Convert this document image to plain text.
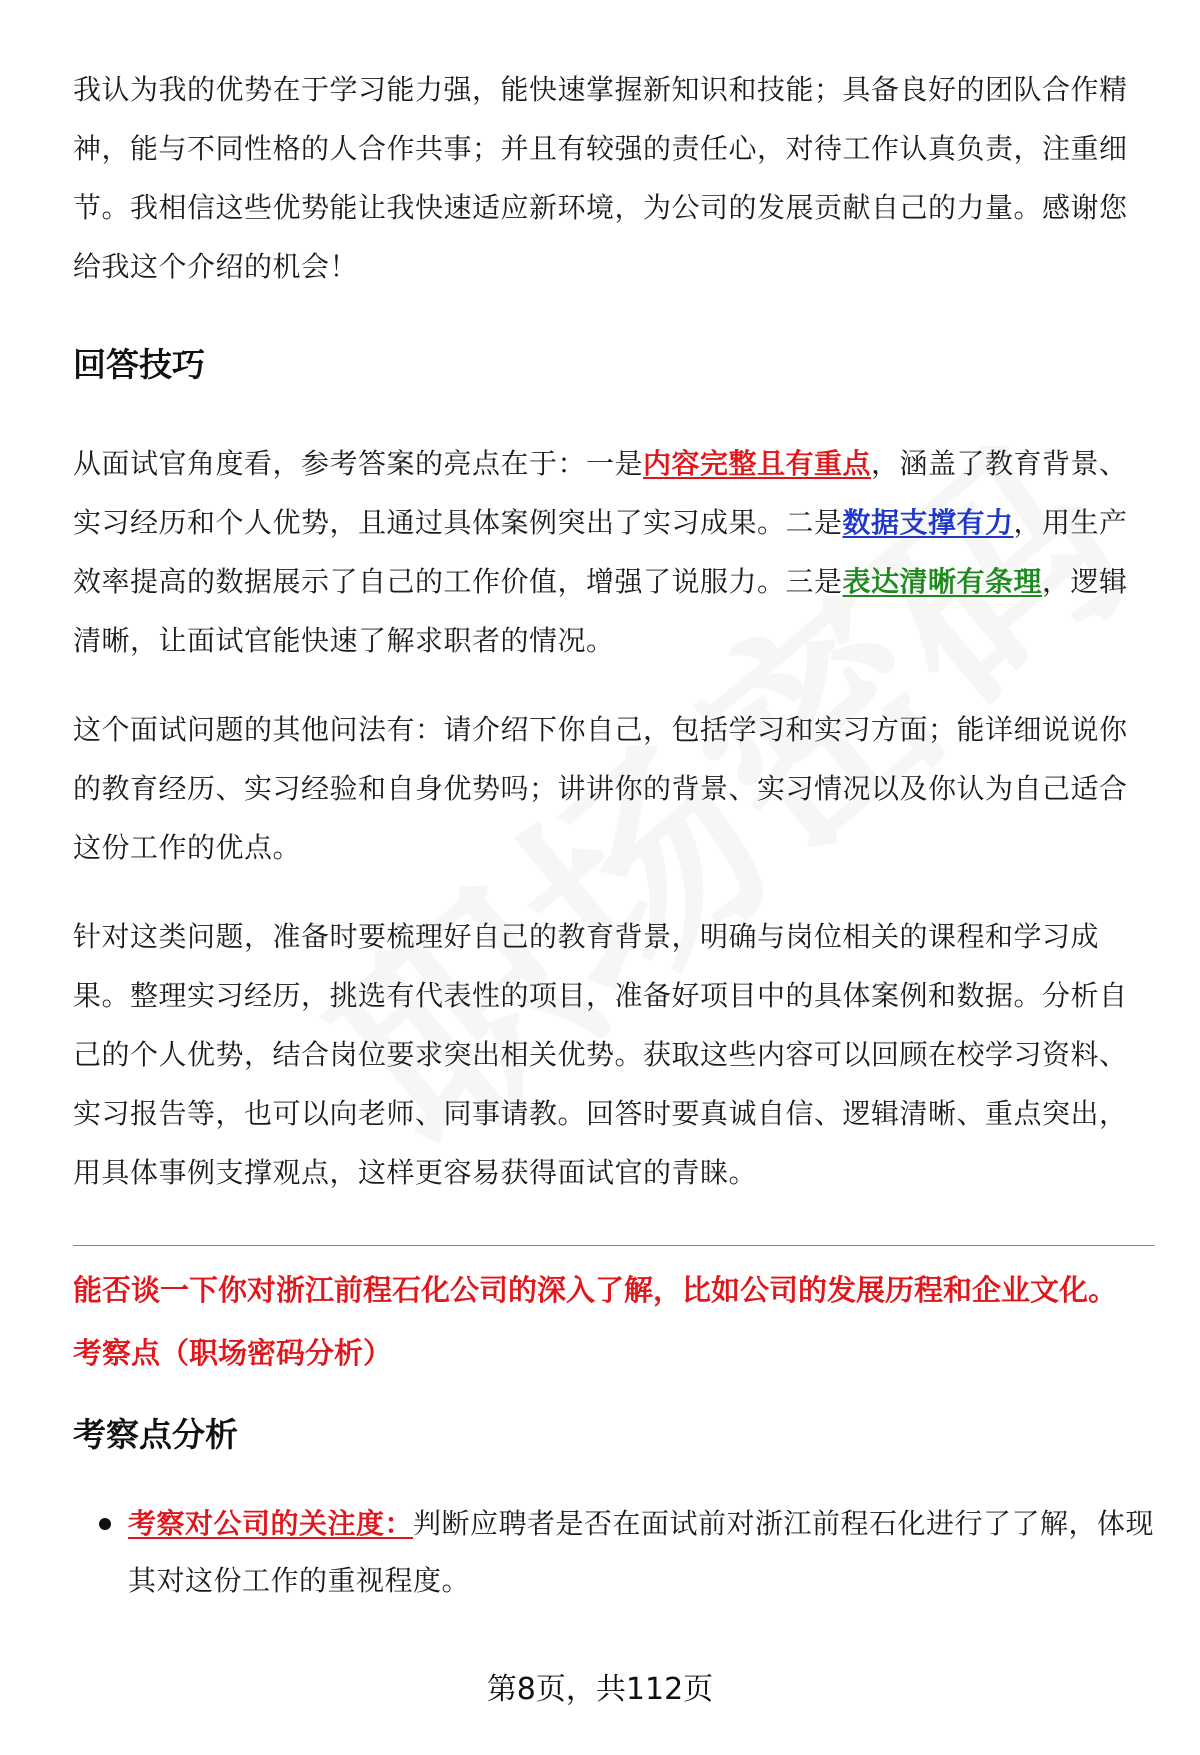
我认为我的优势在于学习能力强，能快速掌握新知识和技能；具备良好的团队合作精神，能与不同性格的人合作共事；并且有较强的责任心，对待工作认真负责，注重细节。我相信这些优势能让我快速适应新环境，为公司的发展贡献自己的力量。感谢您给我这个介绍的机会！

回答技巧

从面试官角度看，参考答案的亮点在于：一是内容完整且有重点，涵盖了教育背景、实习经历和个人优势，且通过具体案例突出了实习成果。二是数据支撑有力，用生产效率提高的数据展示了自己的工作价值，增强了说服力。三是表达清晰有条理，逻辑清晰，让面试官能快速了解求职者的情况。

这个面试问题的其他问法有：请介绍下你自己，包括学习和实习方面；能详细说说你的教育经历、实习经验和自身优势吗；讲讲你的背景、实习情况以及你认为自己适合这份工作的优点。

针对这类问题，准备时要梳理好自己的教育背景，明确与岗位相关的课程和学习成果。整理实习经历，挑选有代表性的项目，准备好项目中的具体案例和数据。分析自己的个人优势，结合岗位要求突出相关优势。获取这些内容可以回顾在校学习资料、实习报告等，也可以向老师、同事请教。回答时要真诚自信、逻辑清晰、重点突出，用具体事例支撑观点，这样更容易获得面试官的青睐。

能否谈一下你对浙江前程石化公司的深入了解，比如公司的发展历程和企业文化。
考察点（职场密码分析）
考察点分析
考察对公司的关注度：判断应聘者是否在面试前对浙江前程石化进行了了解，体现其对这份工作的重视程度。
第8页，共112页
